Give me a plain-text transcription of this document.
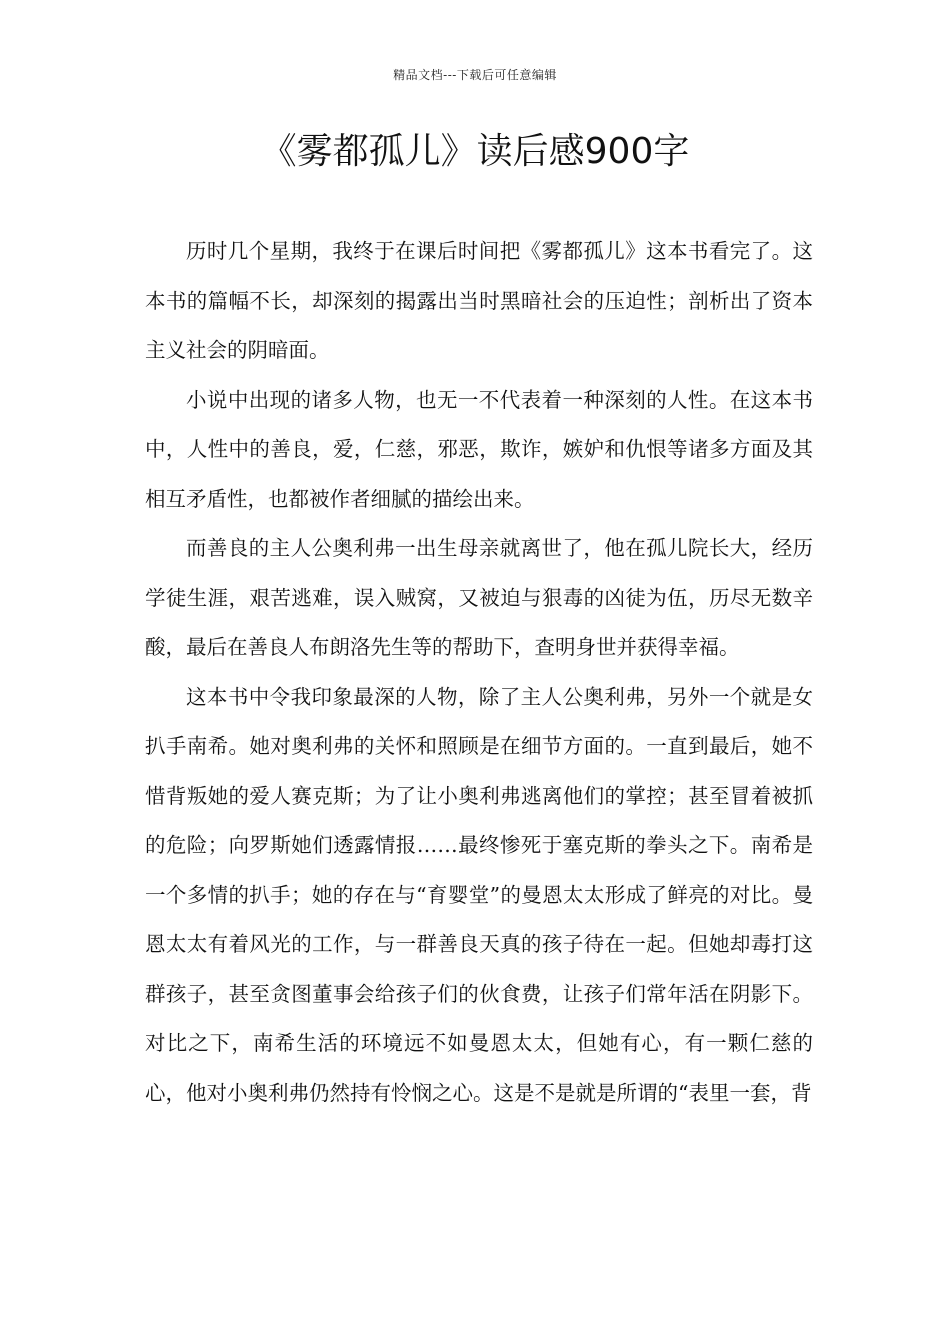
精品文档---下载后可任意编辑
《雾都孤儿》读后感900字

历时几个星期，我终于在课后时间把《雾都孤儿》这本书看完了。这本书的篇幅不长，却深刻的揭露出当时黑暗社会的压迫性；剖析出了资本主义社会的阴暗面。

小说中出现的诸多人物，也无一不代表着一种深刻的人性。在这本书中，人性中的善良，爱，仁慈，邪恶，欺诈，嫉妒和仇恨等诸多方面及其相互矛盾性，也都被作者细腻的描绘出来。

而善良的主人公奥利弗一出生母亲就离世了，他在孤儿院长大，经历学徒生涯，艰苦逃难，误入贼窝，又被迫与狠毒的凶徒为伍，历尽无数辛酸，最后在善良人布朗洛先生等的帮助下，查明身世并获得幸福。

这本书中令我印象最深的人物，除了主人公奥利弗，另外一个就是女扒手南希。她对奥利弗的关怀和照顾是在细节方面的。一直到最后，她不惜背叛她的爱人赛克斯；为了让小奥利弗逃离他们的掌控；甚至冒着被抓的危险；向罗斯她们透露情报……最终惨死于塞克斯的拳头之下。南希是一个多情的扒手；她的存在与“育婴堂”的曼恩太太形成了鲜亮的对比。曼恩太太有着风光的工作，与一群善良天真的孩子待在一起。但她却毒打这群孩子，甚至贪图董事会给孩子们的伙食费，让孩子们常年活在阴影下。对比之下，南希生活的环境远不如曼恩太太，但她有心，有一颗仁慈的心，他对小奥利弗仍然持有怜悯之心。这是不是就是所谓的“表里一套，背
